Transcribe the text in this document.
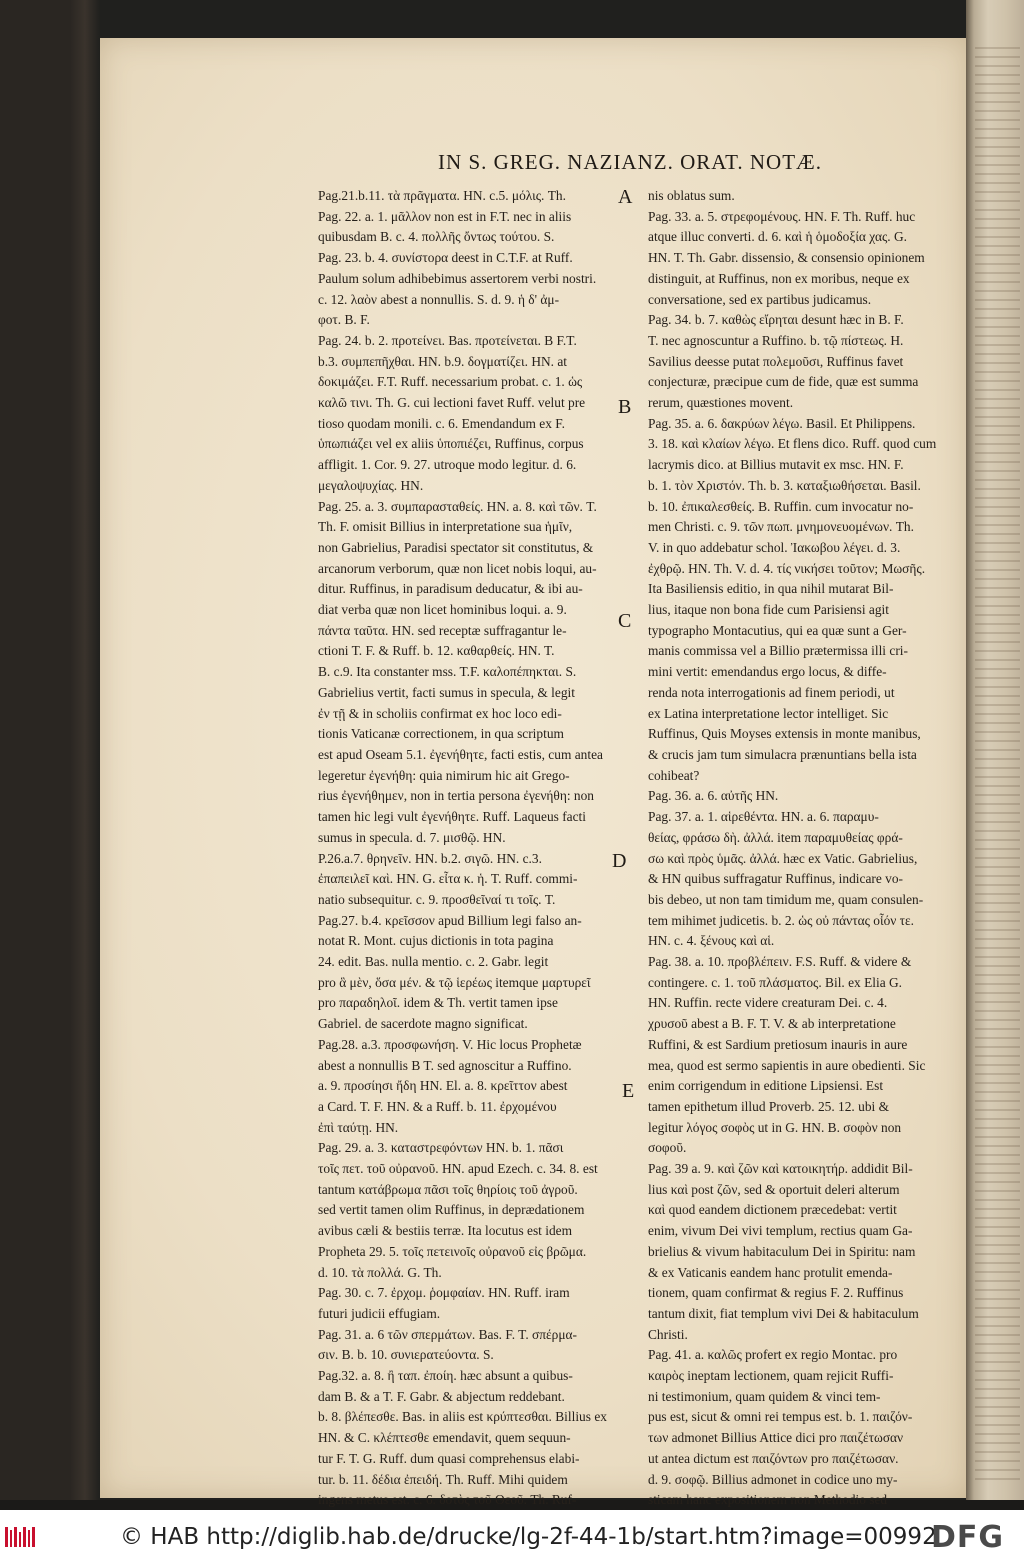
IN S. GREG. NAZIANZ. ORAT. NOTÆ.
A
B
C
D
E

Pag.21.b.11. τὰ πρᾶγματα. HN. c.5. μόλις. Th.

Pag. 22. a. 1. μᾶλλον non est in F.T. nec in aliis

quibusdam B. c. 4. πολλῆς ὄντως τούτου. S.

Pag. 23. b. 4. συνίστορα deest in C.T.F. at Ruff.

Paulum solum adhibebimus assertorem verbi nostri.

c. 12. λαὸν abest a nonnullis. S. d. 9. ἡ δ' ἀμ-

φοτ. B. F.

Pag. 24. b. 2. προτείνει. Bas. προτείνεται. B F.T.

b.3. συμπεπῆχθαι. HN. b.9. δογματίζει. HN. at

δοκιμάζει. F.T. Ruff. necessarium probat. c. 1. ὡς

καλῶ τινι. Th. G. cui lectioni favet Ruff. velut pre

tioso quodam monili. c. 6. Emendandum ex F.

ὑπωπιάζει vel ex aliis ὑποπιέζει, Ruffinus, corpus

affligit. 1. Cor. 9. 27. utroque modo legitur. d. 6.

μεγαλοψυχίας. HN.

Pag. 25. a. 3. συμπαρασταθείς. HN. a. 8. καὶ τῶν. T.

Th. F. omisit Billius in interpretatione sua ἡμῖν,

non Gabrielius, Paradisi spectator sit constitutus, &

arcanorum verborum, quæ non licet nobis loqui, au-

ditur. Ruffinus, in paradisum deducatur, & ibi au-

diat verba quæ non licet hominibus loqui. a. 9.

πάντα ταῦτα. HN. sed receptæ suffragantur le-

ctioni T. F. & Ruff. b. 12. καθαρθείς. HN. T.

B. c.9. Ita constanter mss. T.F. καλοπέπηκται. S.

Gabrielius vertit, facti sumus in specula, & legit

ἐν τῇ & in scholiis confirmat ex hoc loco edi-

tionis Vaticanæ correctionem, in qua scriptum

est apud Oseam 5.1. ἐγενήθητε, facti estis, cum antea

legeretur ἐγενήθη: quia nimirum hic ait Grego-

rius ἐγενήθημεν, non in tertia persona ἐγενήθη: non

tamen hic legi vult ἐγενήθητε. Ruff. Laqueus facti

sumus in specula. d. 7. μισθῷ. HN.

P.26.a.7. θρηνεῖν. HN. b.2. σιγῶ. HN. c.3.

ἐπαπειλεῖ καὶ. HN. G. εἶτα κ. ἡ. T. Ruff. commi-

natio subsequitur. c. 9. προσθεῖναί τι τοῖς. T.

Pag.27. b.4. κρεῖσσον apud Billium legi falso an-

notat R. Mont. cujus dictionis in tota pagina

24. edit. Bas. nulla mentio. c. 2. Gabr. legit

pro ἃ μὲν, ὅσα μέν. & τῷ ἱερέως itemque μαρτυρεῖ

pro παραδηλοῖ. idem & Th. vertit tamen ipse

Gabriel. de sacerdote magno significat.

Pag.28. a.3. προσφωνήση. V. Hic locus Prophetæ

abest a nonnullis B T. sed agnoscitur a Ruffino.

a. 9. προσίησι ἤδη HN. El. a. 8. κρεῖττον abest

a Card. T. F. HN. & a Ruff. b. 11. ἐρχομένου

ἐπὶ ταύτῃ. HN.

Pag. 29. a. 3. καταστρεφόντων HN. b. 1. πᾶσι

τοῖς πετ. τοῦ οὐρανοῦ. HN. apud Ezech. c. 34. 8. est

tantum κατάβρωμα πᾶσι τοῖς θηρίοις τοῦ ἀγροῦ.

sed vertit tamen olim Ruffinus, in deprædationem

avibus cæli & bestiis terræ. Ita locutus est idem

Propheta 29. 5. τοῖς πετεινοῖς οὐρανοῦ εἰς βρῶμα.

d. 10. τὰ πολλά. G. Th.

Pag. 30. c. 7. ἐρχομ. ῥομφαίαν. HN. Ruff. iram

futuri judicii effugiam.

Pag. 31. a. 6 τῶν σπερμάτων. Bas. F. T. σπέρμα-

σιν. B. b. 10. συνιερατεύοντα. S.

Pag.32. a. 8. ἢ ταπ. ἐποίη. hæc absunt a quibus-

dam B. & a T. F. Gabr. & abjectum reddebant.

b. 8. βλέπεσθε. Bas. in aliis est κρύπτεσθαι. Billius ex

HN. & C. κλέπτεσθε emendavit, quem sequun-

tur F. T. G. Ruff. dum quasi comprehensus elabi-

tur. b. 11. δέδια ἐπειδή. Th. Ruff. Mihi quidem

ingens metus est. c. 6. δοτὸς τοῦ Θεοῦ. Th. Ruf-

nis oblatus sum.

Pag. 33. a. 5. στρεφομένους. HN. F. Th. Ruff. huc

atque illuc converti. d. 6. καὶ ἡ ὁμοδοξία χας. G.

HN. T. Th. Gabr. dissensio, & consensio opinionem

distinguit, at Ruffinus, non ex moribus, neque ex

conversatione, sed ex partibus judicamus.

Pag. 34. b. 7. καθὼς εἴρηται desunt hæc in B. F.

T. nec agnoscuntur a Ruffino. b. τῷ πίστεως. H.

Savilius deesse putat πολεμοῦσι, Ruffinus favet

conjecturæ, præcipue cum de fide, quæ est summa

rerum, quæstiones movent.

Pag. 35. a. 6. δακρύων λέγω. Basil. Et Philippens.

3. 18. καὶ κλαίων λέγω. Et flens dico. Ruff. quod cum

lacrymis dico. at Billius mutavit ex msc. HN. F.

b. 1. τὸν Χριστόν. Th. b. 3. καταξιωθήσεται. Basil.

b. 10. ἐπικαλεσθείς. B. Ruffin. cum invocatur no-

men Christi. c. 9. τῶν πωπ. μνημονευομένων. Th.

V. in quo addebatur schol. Ἰακωβου λέγει. d. 3.

ἐχθρῷ. HN. Th. V. d. 4. τίς νικήσει τοῦτον; Μωσῆς.

Ita Basiliensis editio, in qua nihil mutarat Bil-

lius, itaque non bona fide cum Parisiensi agit

typographo Montacutius, qui ea quæ sunt a Ger-

manis commissa vel a Billio prætermissa illi cri-

mini vertit: emendandus ergo locus, & diffe-

renda nota interrogationis ad finem periodi, ut

ex Latina interpretatione lector intelliget. Sic

Ruffinus, Quis Moyses extensis in monte manibus,

& crucis jam tum simulacra prænuntians bella ista

cohibeat?

Pag. 36. a. 6. αὐτῆς HN.

Pag. 37. a. 1. αἱρεθέντα. HN. a. 6. παραμυ-

θείας, φράσω δὴ. ἀλλά. item παραμυθείας φρά-

σω καὶ πρὸς ὑμᾶς. ἀλλά. hæc ex Vatic. Gabrielius,

& HN quibus suffragatur Ruffinus, indicare vo-

bis debeo, ut non tam timidum me, quam consulen-

tem mihimet judicetis. b. 2. ὡς οὐ πάντας οἷόν τε.

HN. c. 4. ξένους καὶ αἱ.

Pag. 38. a. 10. προβλέπειν. F.S. Ruff. & videre &

contingere. c. 1. τοῦ πλάσματος. Bil. ex Elia G.

HN. Ruffin. recte videre creaturam Dei. c. 4.

χρυσοῦ abest a B. F. T. V. & ab interpretatione

Ruffini, & est Sardium pretiosum inauris in aure

mea, quod est sermo sapientis in aure obedienti. Sic

enim corrigendum in editione Lipsiensi. Est

tamen epithetum illud Proverb. 25. 12. ubi &

legitur λόγος σοφὸς ut in G. HN. B. σοφὸν non

σοφοῦ.

Pag. 39 a. 9. καὶ ζῶν καὶ κατοικητήρ. addidit Bil-

lius καὶ post ζῶν, sed & oportuit deleri alterum

καὶ quod eandem dictionem præcedebat: vertit

enim, vivum Dei vivi templum, rectius quam Ga-

brielius & vivum habitaculum Dei in Spiritu: nam

& ex Vaticanis eandem hanc protulit emenda-

tionem, quam confirmat & regius F. 2. Ruffinus

tantum dixit, fiat templum vivi Dei & habitaculum

Christi.

Pag. 41. a. καλῶς profert ex regio Montac. pro

καιρὸς ineptam lectionem, quam rejicit Ruffi-

ni testimonium, quam quidem & vinci tem-

pus est, sicut & omni rei tempus est. b. 1. παιζόν-

των admonet Billius Attice dici pro παιζέτωσαν

ut antea dictum est παιζόντων pro παιζέτωσαν.

d. 9. σοφῷ. Billius admonet in codice uno my-

sticam hanc expositionem non Methodio sed

© HAB http://diglib.hab.de/drucke/lg-2f-44-1b/start.htm?image=00992
DFG
